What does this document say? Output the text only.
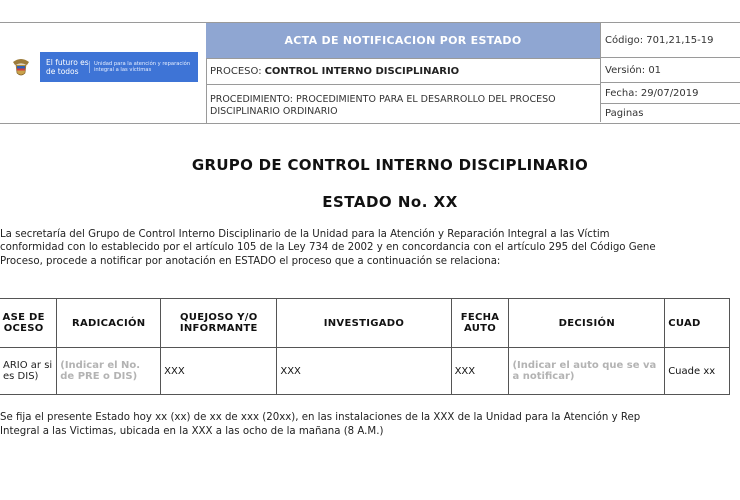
El futuro es de todos
Unidad para la atención y reparación integral a las víctimas
ACTA DE NOTIFICACION POR ESTADO
PROCESO: CONTROL INTERNO DISCIPLINARIO
PROCEDIMIENTO: PROCEDIMIENTO PARA EL DESARROLLO DEL PROCESO DISCIPLINARIO ORDINARIO
Código: 701,21,15-19
Versión: 01
Fecha: 29/07/2019
Paginas
GRUPO DE CONTROL INTERNO DISCIPLINARIO
ESTADO No. XX
La secretaría del Grupo de Control Interno Disciplinario de la Unidad para la Atención y Reparación Integral a las Víctim
conformidad con lo establecido por el artículo 105 de la Ley 734 de 2002 y en concordancia con el artículo 295 del Código Gene
Proceso, procede a notificar por anotación en ESTADO el proceso que a continuación se relaciona:
ASE DE OCESO	RADICACIÓN	QUEJOSO Y/O INFORMANTE	INVESTIGADO	FECHA AUTO	DECISIÓN	CUAD
ARIO ar si es DIS)	(Indicar el No. de PRE o DIS)	XXX	XXX	XXX	(Indicar el auto que se va a notificar)	Cuade xx
Se fija el presente Estado hoy xx (xx) de xx de xxx (20xx), en las instalaciones de la XXX de la Unidad para la Atención y Rep
Integral a las Victimas, ubicada en la XXX a las ocho de la mañana (8 A.M.)
